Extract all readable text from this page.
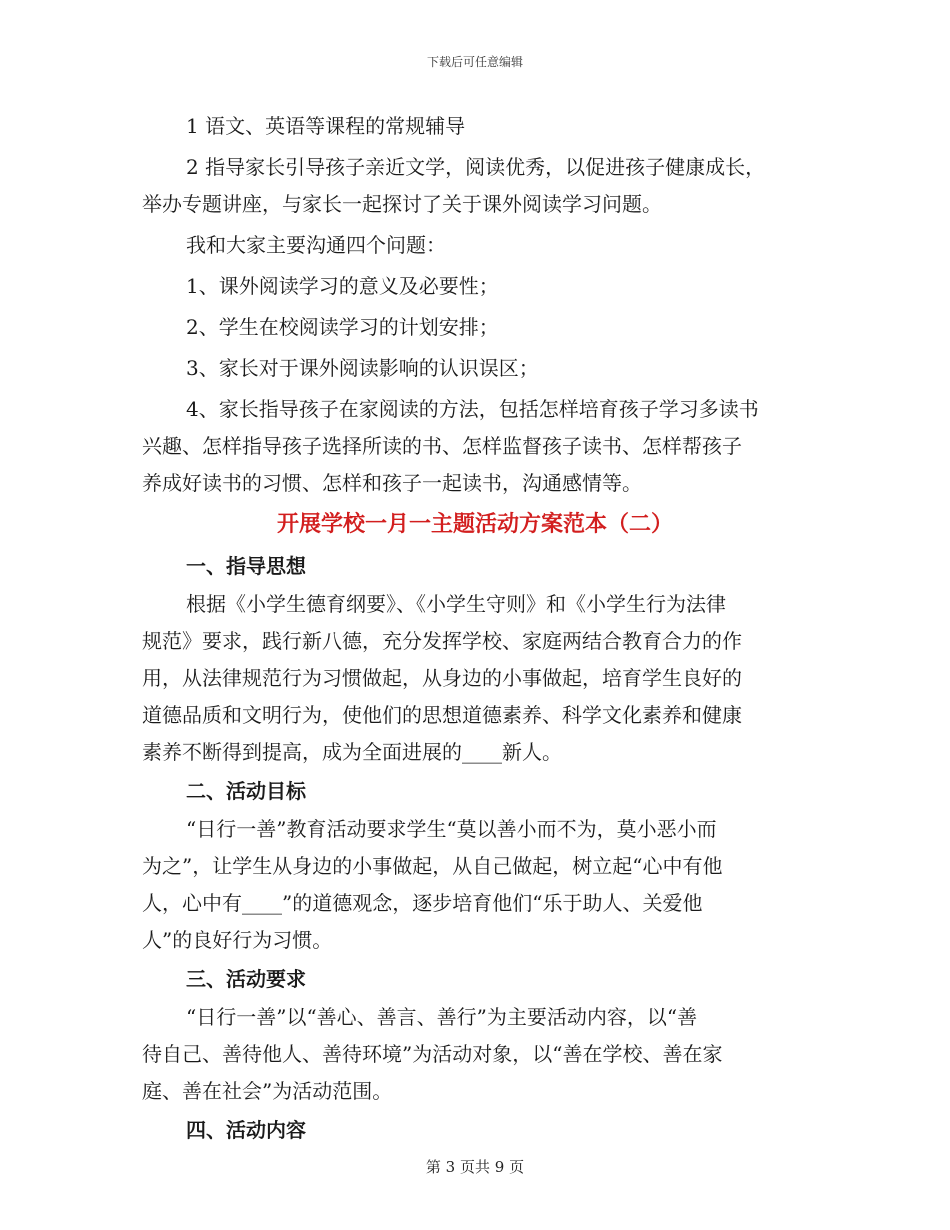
下载后可任意编辑
1 语文、英语等课程的常规辅导
2 指导家长引导孩子亲近文学，阅读优秀，以促进孩子健康成长，
举办专题讲座，与家长一起探讨了关于课外阅读学习问题。
我和大家主要沟通四个问题：
1、课外阅读学习的意义及必要性；
2、学生在校阅读学习的计划安排；
3、家长对于课外阅读影响的认识误区；
4、家长指导孩子在家阅读的方法，包括怎样培育孩子学习多读书
兴趣、怎样指导孩子选择所读的书、怎样监督孩子读书、怎样帮孩子
养成好读书的习惯、怎样和孩子一起读书，沟通感情等。
开展学校一月一主题活动方案范本（二）
一、指导思想
根据《小学生德育纲要》、《小学生守则》和《小学生行为法律
规范》要求，践行新八德，充分发挥学校、家庭两结合教育合力的作
用，从法律规范行为习惯做起，从身边的小事做起，培育学生良好的
道德品质和文明行为，使他们的思想道德素养、科学文化素养和健康
素养不断得到提高，成为全面进展的____新人。
二、活动目标
“日行一善”教育活动要求学生“莫以善小而不为，莫小恶小而
为之”，让学生从身边的小事做起，从自己做起，树立起“心中有他
人，心中有____”的道德观念，逐步培育他们“乐于助人、关爱他
人”的良好行为习惯。
三、活动要求
“日行一善”以“善心、善言、善行”为主要活动内容，以“善
待自己、善待他人、善待环境”为活动对象，以“善在学校、善在家
庭、善在社会”为活动范围。
四、活动内容
第 3 页共 9 页
